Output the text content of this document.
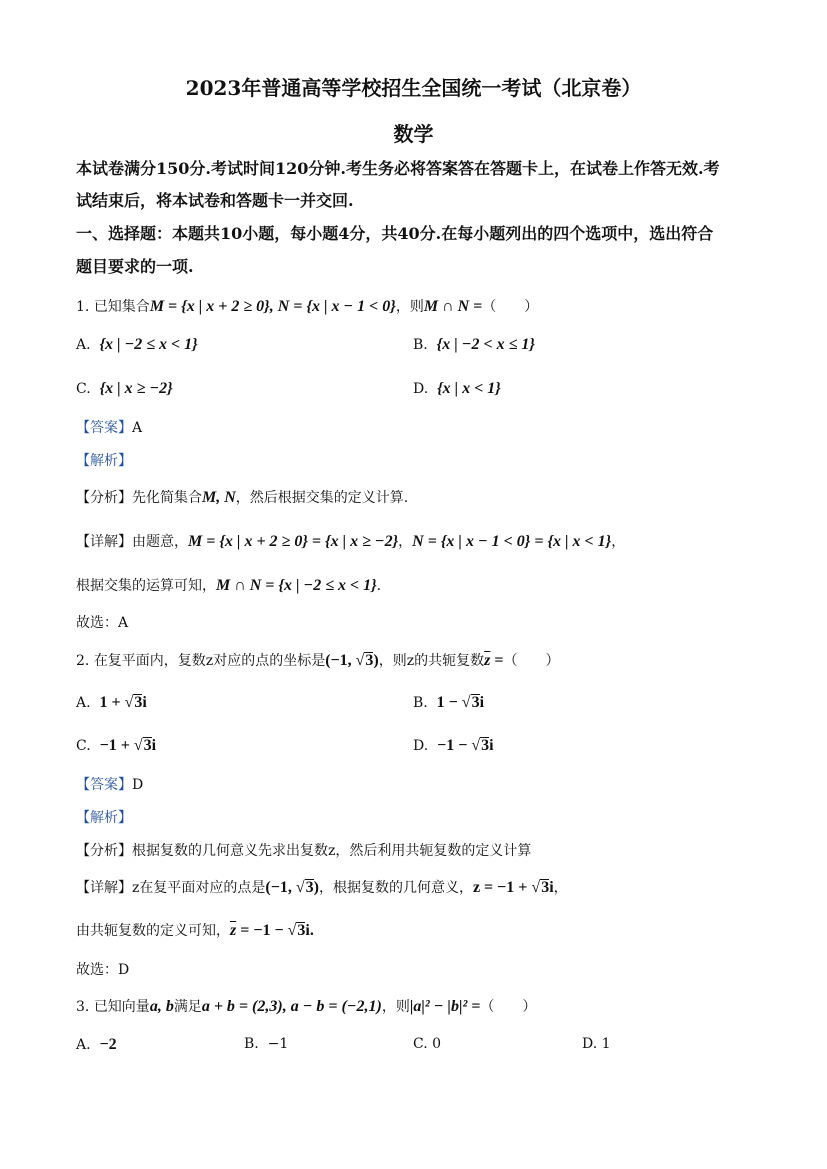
2023年普通高等学校招生全国统一考试（北京卷）
数学
本试卷满分150分.考试时间120分钟.考生务必将答案答在答题卡上，在试卷上作答无效.考
试结束后，将本试卷和答题卡一并交回.
一、选择题：本题共10小题，每小题4分，共40分.在每小题列出的四个选项中，选出符合
题目要求的一项.
1. 已知集合M = {x | x + 2 ≥ 0}, N = {x | x − 1 < 0}，则M ∩ N =（　　）
A. {x | −2 ≤ x < 1}	B. {x | −2 < x ≤ 1}
C. {x | x ≥ −2}	D. {x | x < 1}
【答案】A
【解析】
【分析】先化简集合M, N，然后根据交集的定义计算.
【详解】由题意，M = {x | x + 2 ≥ 0} = {x | x ≥ −2}，N = {x | x − 1 < 0} = {x | x < 1}，
根据交集的运算可知，M ∩ N = {x | −2 ≤ x < 1}.
故选：A
2. 在复平面内，复数z对应的点的坐标是(−1, √3)，则z的共轭复数$\overline{z}$ =（　　）
A. 1 + √3i	B. 1 − √3i
C. −1 + √3i	D. −1 − √3i
【答案】D
【解析】
【分析】根据复数的几何意义先求出复数z，然后利用共轭复数的定义计算
【详解】z在复平面对应的点是(−1, √3)，根据复数的几何意义，z = −1 + √3i，
由共轭复数的定义可知，$\overline{z} = -1 - √3i$.
故选：D
3. 已知向量a, b满足a + b = (2,3), a − b = (−2,1)，则|a|² − |b|² =（　　）
A. −2	B. −1	C. 0	D. 1
